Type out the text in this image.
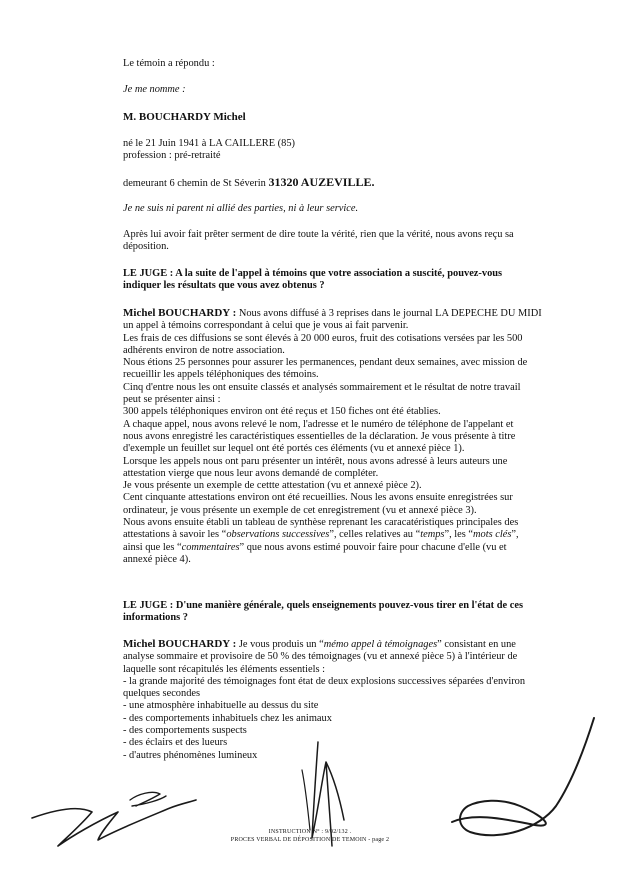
Le témoin a répondu :
Je me nomme :
M. BOUCHARDY Michel
né le 21 Juin 1941 à LA CAILLERE (85)
profession : pré-retraité
demeurant 6 chemin de St Séverin 31320 AUZEVILLE.
Je ne suis ni parent ni allié des parties, ni à leur service.
Après lui avoir fait prêter serment de dire toute la vérité, rien que la vérité, nous avons reçu sa
déposition.
LE JUGE : A la suite de l'appel à témoins que votre association a suscité, pouvez-vous
indiquer les résultats que vous avez obtenus ?
Michel BOUCHARDY : Nous avons diffusé à 3 reprises dans le journal LA DEPECHE DU MIDI
un appel à témoins correspondant à celui que je vous ai fait parvenir.
Les frais de ces diffusions se sont élevés à 20 000 euros, fruit des cotisations versées par les 500
adhérents environ de notre association.
Nous étions 25 personnes pour assurer les permanences, pendant deux semaines, avec mission de
recueillir les appels téléphoniques des témoins.
Cinq d'entre nous les ont ensuite classés et analysés sommairement et le résultat de notre travail
peut se présenter ainsi :
300 appels téléphoniques environ ont été reçus et 150 fiches ont été établies.
A chaque appel, nous avons relevé le nom, l'adresse et le numéro de téléphone de l'appelant et
nous avons enregistré les caractéristiques essentielles de la déclaration. Je vous présente à titre
d'exemple un feuillet sur lequel ont été portés ces éléments (vu et annexé pièce 1).
Lorsque les appels nous ont paru présenter un intérêt, nous avons adressé à leurs auteurs une
attestation vierge que nous leur avons demandé de compléter.
Je vous présente un exemple de cettte attestation (vu et annexé pièce 2).
Cent cinquante attestations environ ont été recueillies. Nous les avons ensuite enregistrées sur
ordinateur, je vous présente un exemple de cet enregistrement (vu et annexé pièce 3).
Nous avons ensuite établi un tableau de synthèse reprenant les caracatéristiques principales des
attestations à savoir les “observations successives”, celles relatives au “temps”, les “mots clés”,
ainsi que les “commentaires” que nous avons estimé pouvoir faire pour chacune d'elle (vu et
annexé pièce 4).
LE JUGE : D'une manière générale, quels enseignements pouvez-vous tirer en l'état de ces
informations ?
Michel BOUCHARDY : Je vous produis un “mémo appel à témoignages” consistant en une
analyse sommaire et provisoire de 50 % des témoignages (vu et annexé pièce 5) à l'intérieur de
laquelle sont récapitulés les éléments essentiels :
- la grande majorité des témoignages font état de deux explosions successives séparées d'environ
quelques secondes
- une atmosphère inhabituelle au dessus du site
- des comportements inhabituels chez les animaux
- des comportements suspects
- des éclairs et des lueurs
- d'autres phénomènes lumineux
INSTRUCTION N° : 9/02/132 .
PROCES VERBAL DE DÉPOSITION DE TEMOIN - page 2
